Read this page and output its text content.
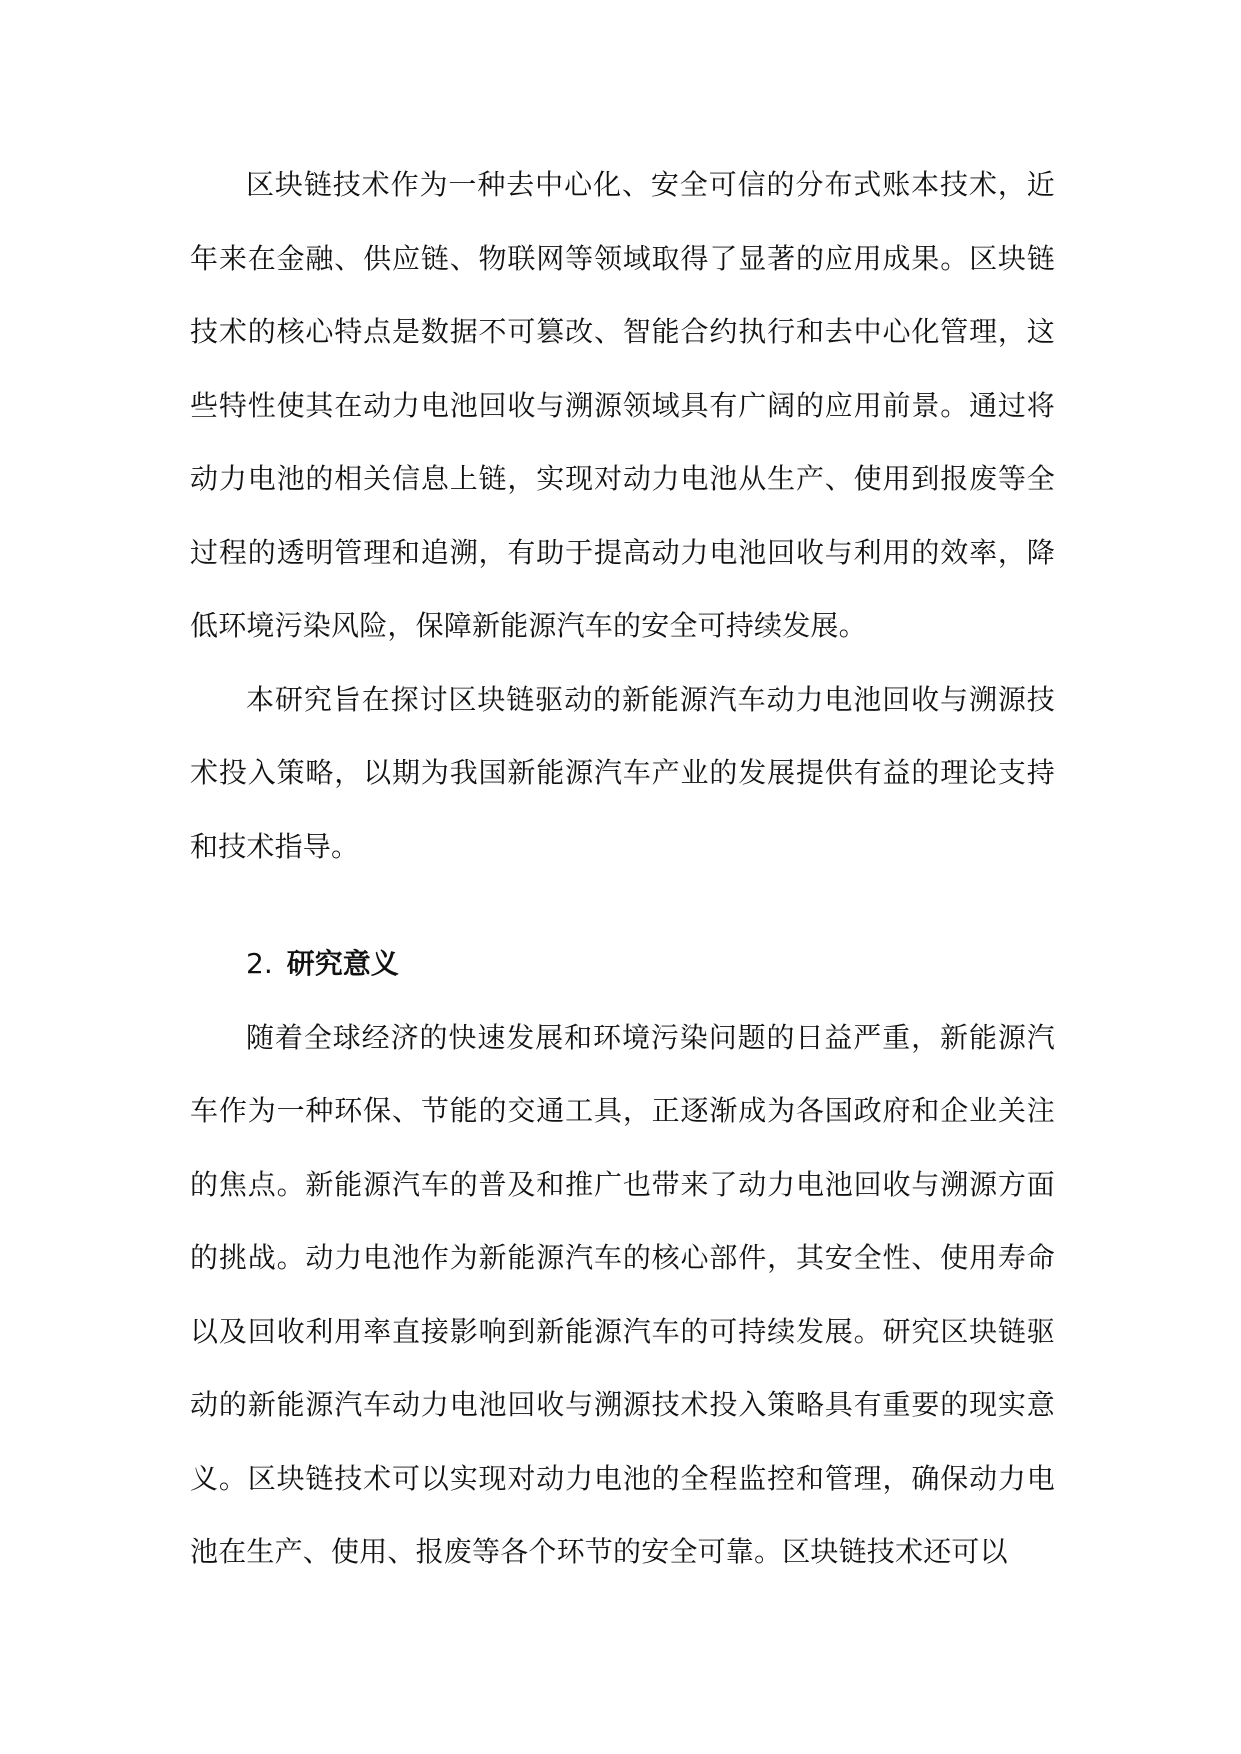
区块链技术作为一种去中心化、安全可信的分布式账本技术，近年来在金融、供应链、物联网等领域取得了显著的应用成果。区块链技术的核心特点是数据不可篡改、智能合约执行和去中心化管理，这些特性使其在动力电池回收与溯源领域具有广阔的应用前景。通过将动力电池的相关信息上链，实现对动力电池从生产、使用到报废等全过程的透明管理和追溯，有助于提高动力电池回收与利用的效率，降低环境污染风险，保障新能源汽车的安全可持续发展。

本研究旨在探讨区块链驱动的新能源汽车动力电池回收与溯源技术投入策略，以期为我国新能源汽车产业的发展提供有益的理论支持和技术指导。

2. 研究意义

随着全球经济的快速发展和环境污染问题的日益严重，新能源汽车作为一种环保、节能的交通工具，正逐渐成为各国政府和企业关注的焦点。新能源汽车的普及和推广也带来了动力电池回收与溯源方面的挑战。动力电池作为新能源汽车的核心部件，其安全性、使用寿命以及回收利用率直接影响到新能源汽车的可持续发展。研究区块链驱动的新能源汽车动力电池回收与溯源技术投入策略具有重要的现实意义。区块链技术可以实现对动力电池的全程监控和管理，确保动力电池在生产、使用、报废等各个环节的安全可靠。区块链技术还可以
